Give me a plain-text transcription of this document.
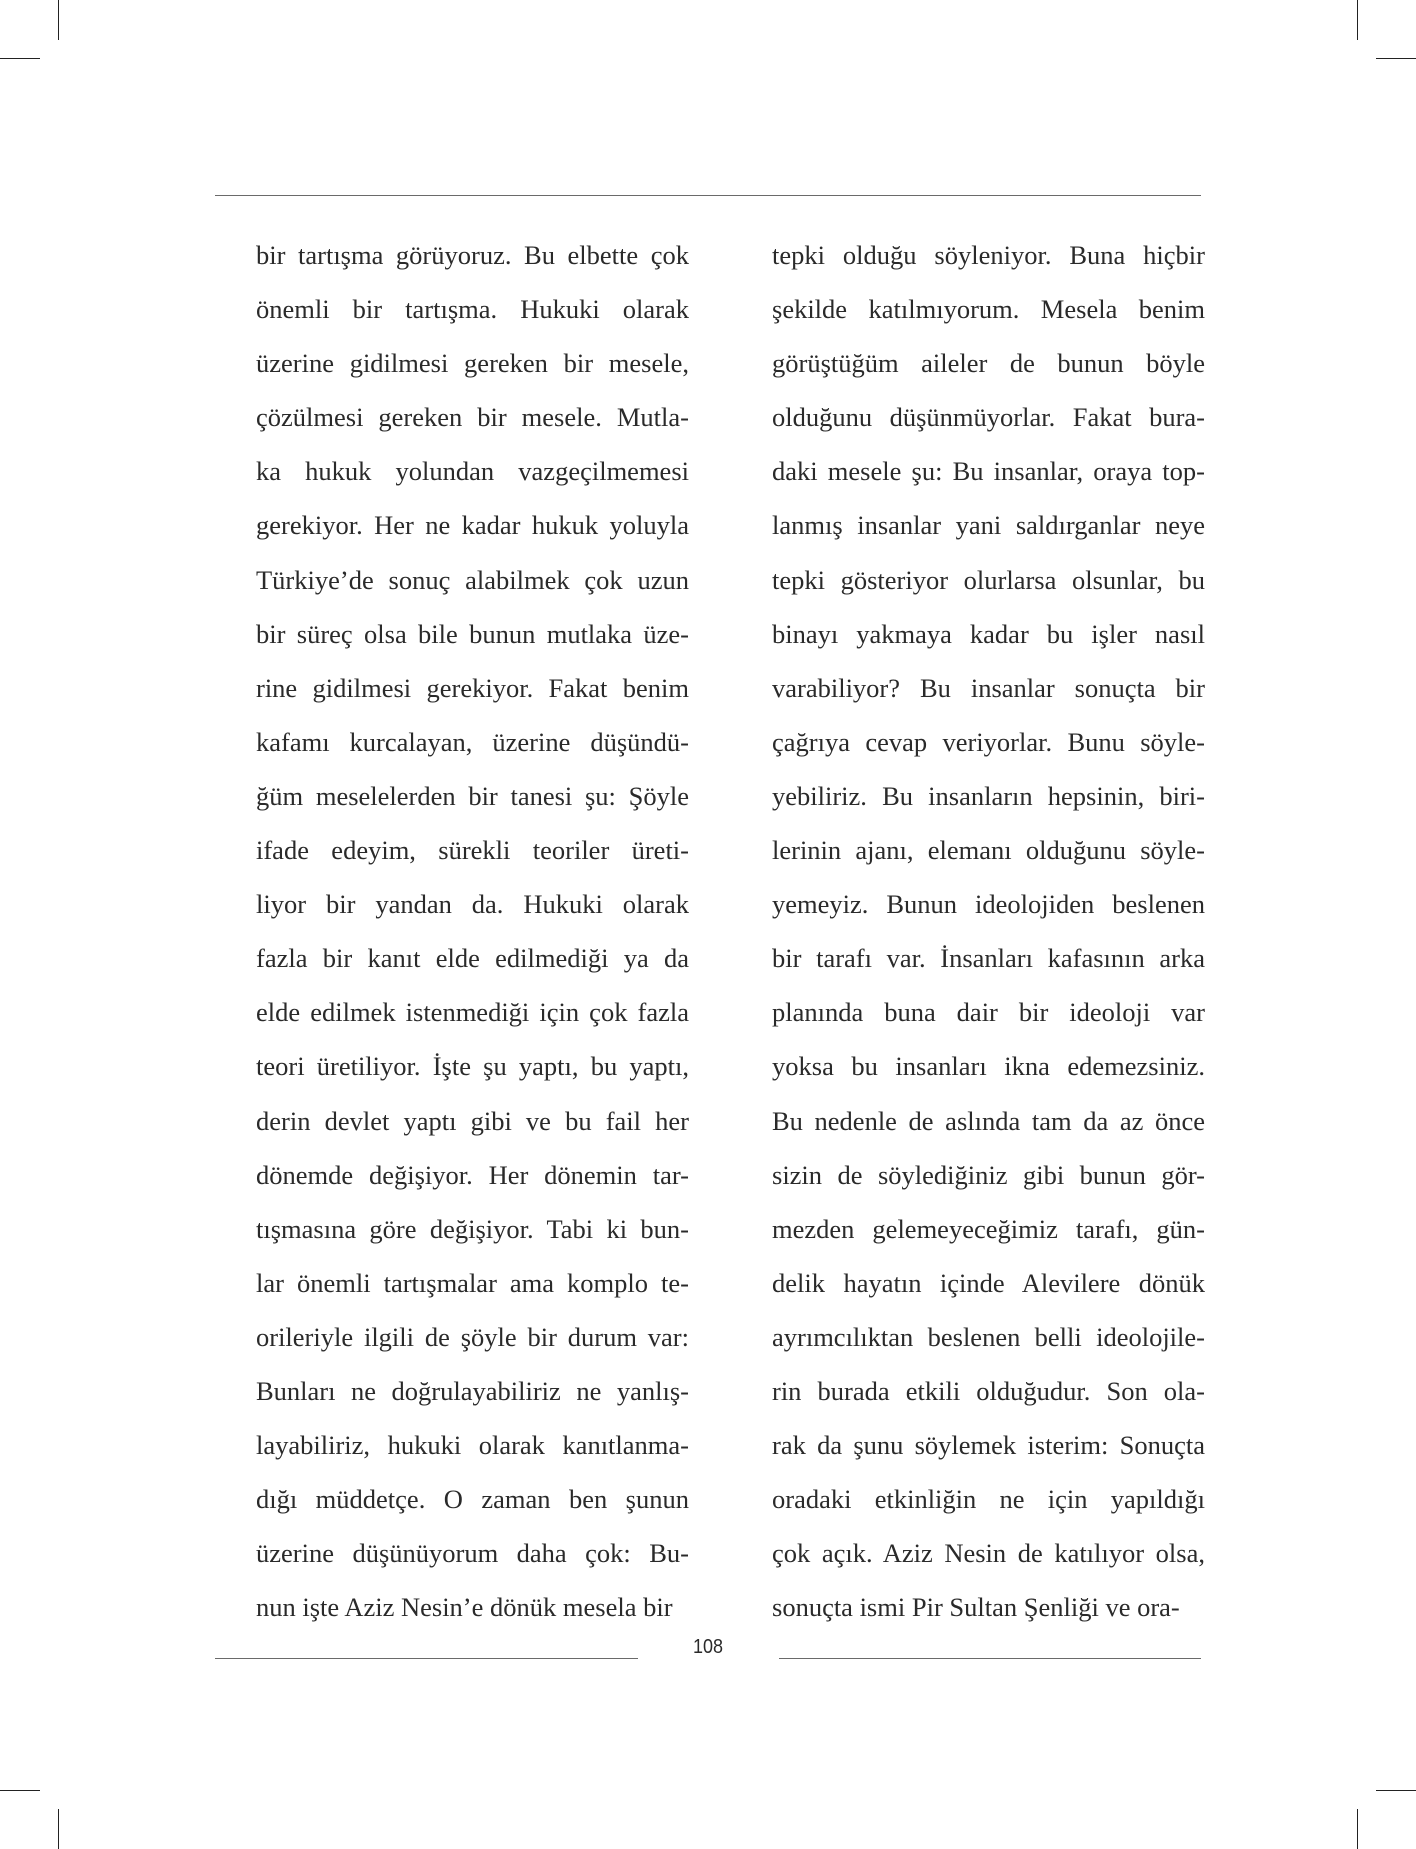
bir tartışma görüyoruz. Bu elbette çok
önemli bir tartışma. Hukuki olarak
üzerine gidilmesi gereken bir mesele,
çözülmesi gereken bir mesele. Mutla-
ka hukuk yolundan vazgeçilmemesi
gerekiyor. Her ne kadar hukuk yoluyla
Türkiye’de sonuç alabilmek çok uzun
bir süreç olsa bile bunun mutlaka üze-
rine gidilmesi gerekiyor. Fakat benim
kafamı kurcalayan, üzerine düşündü-
ğüm meselelerden bir tanesi şu: Şöyle
ifade edeyim, sürekli teoriler üreti-
liyor bir yandan da. Hukuki olarak
fazla bir kanıt elde edilmediği ya da
elde edilmek istenmediği için çok fazla
teori üretiliyor. İşte şu yaptı, bu yaptı,
derin devlet yaptı gibi ve bu fail her
dönemde değişiyor. Her dönemin tar-
tışmasına göre değişiyor. Tabi ki bun-
lar önemli tartışmalar ama komplo te-
orileriyle ilgili de şöyle bir durum var:
Bunları ne doğrulayabiliriz ne yanlış-
layabiliriz, hukuki olarak kanıtlanma-
dığı müddetçe. O zaman ben şunun
üzerine düşünüyorum daha çok: Bu-
nun işte Aziz Nesin’e dönük mesela bir
tepki olduğu söyleniyor. Buna hiçbir
şekilde katılmıyorum. Mesela benim
görüştüğüm aileler de bunun böyle
olduğunu düşünmüyorlar. Fakat bura-
daki mesele şu: Bu insanlar, oraya top-
lanmış insanlar yani saldırganlar neye
tepki gösteriyor olurlarsa olsunlar, bu
binayı yakmaya kadar bu işler nasıl
varabiliyor? Bu insanlar sonuçta bir
çağrıya cevap veriyorlar. Bunu söyle-
yebiliriz. Bu insanların hepsinin, biri-
lerinin ajanı, elemanı olduğunu söyle-
yemeyiz. Bunun ideolojiden beslenen
bir tarafı var. İnsanları kafasının arka
planında buna dair bir ideoloji var
yoksa bu insanları ikna edemezsiniz.
Bu nedenle de aslında tam da az önce
sizin de söylediğiniz gibi bunun gör-
mezden gelemeyeceğimiz tarafı, gün-
delik hayatın içinde Alevilere dönük
ayrımcılıktan beslenen belli ideolojile-
rin burada etkili olduğudur. Son ola-
rak da şunu söylemek isterim: Sonuçta
oradaki etkinliğin ne için yapıldığı
çok açık. Aziz Nesin de katılıyor olsa,
sonuçta ismi Pir Sultan Şenliği ve ora-
108
